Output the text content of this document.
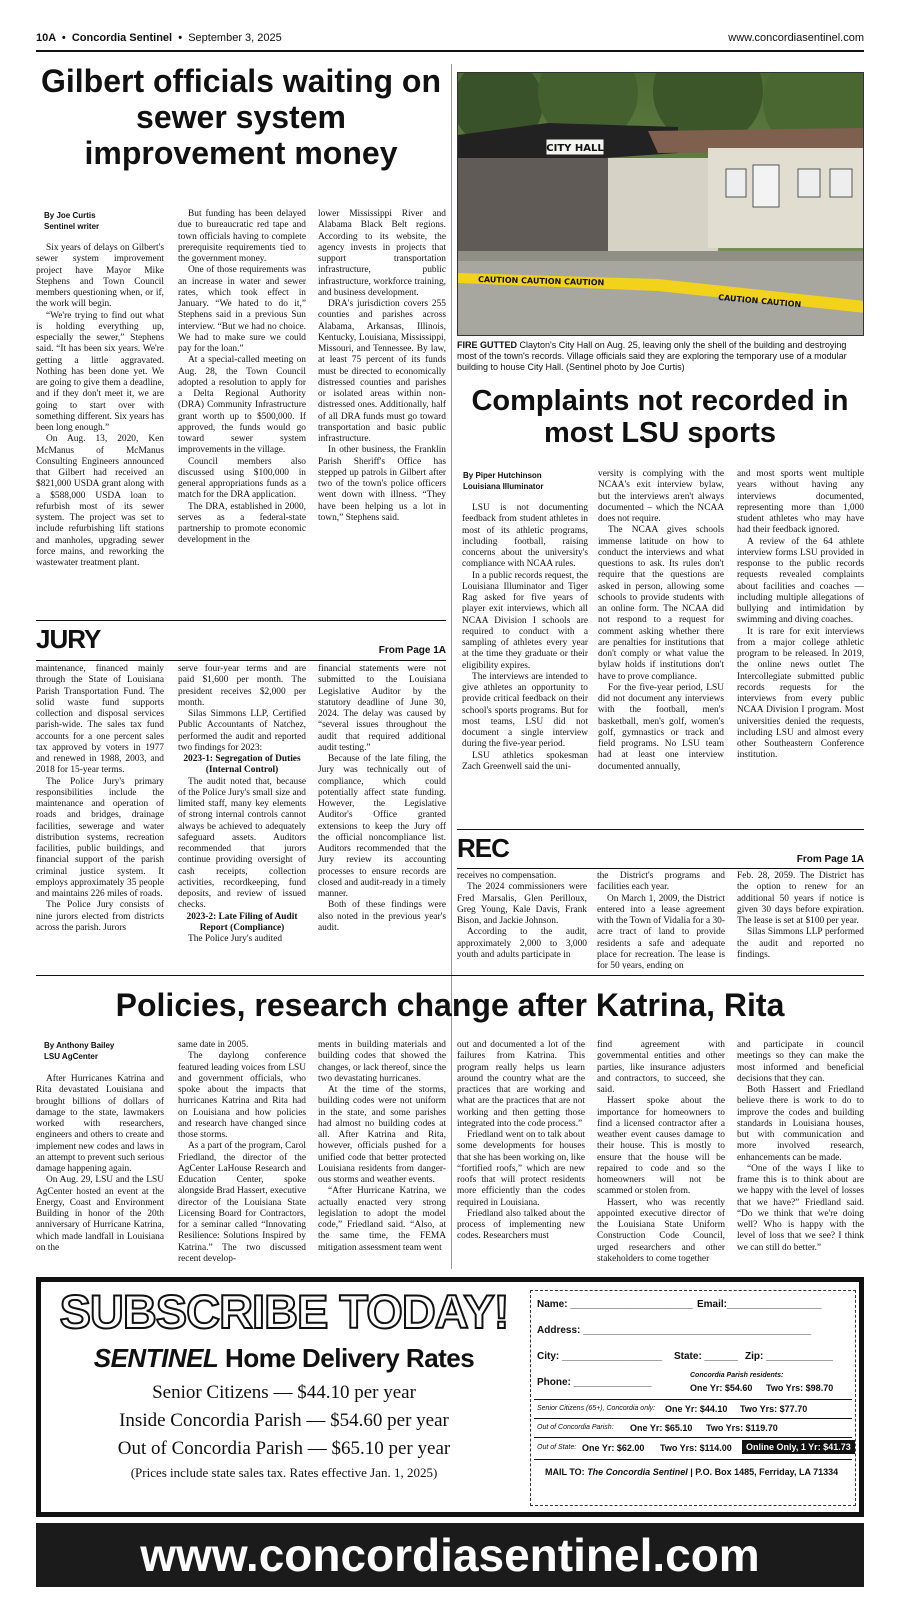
10A  •  Concordia Sentinel  •  September 3, 2025	www.concordiasentinel.com
Gilbert officials waiting on sewer system improvement money
By Joe Curtis
Sentinel writer

Six years of delays on Gilbert's sewer system improvement project have Mayor Mike Stephens and Town Council members questioning when, or if, the work will begin.

“We're trying to find out what is holding everything up, especially the sewer,” Stephens said. “It has been six years. We're getting a little aggravated. Nothing has been done yet. We are going to give them a deadline, and if they don't meet it, we are going to start over with something different. Six years has been long enough.”

On Aug. 13, 2020, Ken McManus of McManus Consulting Engineers announced that Gilbert had received an $821,000 USDA grant along with a $588,000 USDA loan to refurbish most of its sewer system. The project was set to include refurbishing lift stations and manholes, upgrading sewer force mains, and reworking the wastewater treatment plant.

But funding has been delayed due to bureaucratic red tape and town officials having to complete prerequisite requirements tied to the government money.

One of those requirements was an increase in water and sewer rates, which took effect in January. “We hated to do it,” Stephens said in a previous Sun interview. “But we had no choice. We had to make sure we could pay for the loan.”

At a special-called meeting on Aug. 28, the Town Council adopted a resolution to apply for a Delta Regional Authority (DRA) Community Infrastructure grant worth up to $500,000. If approved, the funds would go toward sewer system improvements in the village.

Council members also discussed using $100,000 in general appropriations funds as a match for the DRA application.

The DRA, established in 2000, serves as a federal-state partnership to promote economic development in the

lower Mississippi River and Alabama Black Belt regions. According to its website, the agency invests in projects that support transportation infrastructure, public infrastructure, workforce training, and business development.

DRA's jurisdiction covers 255 counties and parishes across Alabama, Arkansas, Illinois, Kentucky, Louisiana, Mississippi, Missouri, and Tennessee. By law, at least 75 percent of its funds must be directed to economically distressed counties and parishes or isolated areas within non-distressed ones. Additionally, half of all DRA funds must go toward transportation and basic public infrastructure.

In other business, the Franklin Parish Sheriff's Office has stepped up patrols in Gilbert after two of the town's police officers went down with illness. “They have been helping us a lot in town,” Stephens said.

CITY HALL
CAUTION CAUTION CAUTION
CAUTION CAUTION
FIRE GUTTED Clayton's City Hall on Aug. 25, leaving only the shell of the building and destroying most of the town's records. Village officials said they are exploring the temporary use of a modular building to house City Hall. (Sentinel photo by Joe Curtis)
Complaints not recorded in most LSU sports
By Piper Hutchinson
Louisiana Illuminator

LSU is not documenting feedback from student athletes in most of its athletic programs, including football, raising concerns about the university's compliance with NCAA rules.

In a public records request, the Louisiana Illuminator and Tiger Rag asked for five years of player exit interviews, which all NCAA Division I schools are required to conduct with a sampling of athletes every year at the time they graduate or their eligibility expires.

The interviews are intended to give athletes an opportunity to provide critical feedback on their school's sports programs. But for most teams, LSU did not document a single interview during the five-year period.

LSU athletics spokesman Zach Greenwell said the uni-

versity is complying with the NCAA's exit interview bylaw, but the interviews aren't always documented – which the NCAA does not require.

The NCAA gives schools immense latitude on how to conduct the interviews and what questions to ask. Its rules don't require that the questions are asked in person, allowing some schools to provide students with an online form. The NCAA did not respond to a request for comment asking whether there are penalties for institutions that don't comply or what value the bylaw holds if institutions don't have to prove compliance.

For the five-year period, LSU did not document any interviews with the football, men's basketball, men's golf, women's golf, gymnastics or track and field programs. No LSU team had at least one interview documented annually,

and most sports went multiple years without having any interviews documented, representing more than 1,000 student athletes who may have had their feedback ignored.

A review of the 64 athlete interview forms LSU provided in response to the public records requests revealed complaints about facilities and coaches — including multiple allegations of bullying and intimidation by swimming and diving coaches.

It is rare for exit interviews from a major college athletic program to be released. In 2019, the online news outlet The Intercollegiate submitted public records requests for the interviews from every public NCAA Division I program. Most universities denied the requests, including LSU and almost every other Southeastern Conference institution.

JURY	From Page 1A

maintenance, financed mainly through the State of Louisiana Parish Transportation Fund. The solid waste fund supports collection and disposal services parish-wide. The sales tax fund accounts for a one percent sales tax approved by voters in 1977 and renewed in 1988, 2003, and 2018 for 15-year terms.

The Police Jury's primary responsibilities include the maintenance and operation of roads and bridges, drainage facilities, sewerage and water distribution systems, recreation facilities, public buildings, and financial support of the parish criminal justice system. It employs approximately 35 people and maintains 226 miles of roads.

The Police Jury consists of nine jurors elected from districts across the parish. Jurors

serve four-year terms and are paid $1,600 per month. The president receives $2,000 per month.

Silas Simmons LLP, Certified Public Accountants of Natchez, performed the audit and reported two findings for 2023:

2023-1: Segregation of Duties (Internal Control)

The audit noted that, because of the Police Jury's small size and limited staff, many key elements of strong internal controls cannot always be achieved to adequately safeguard assets. Auditors recommended that jurors continue providing oversight of cash receipts, collection activities, recordkeeping, fund deposits, and review of issued checks.

2023-2: Late Filing of Audit Report (Compliance)

The Police Jury's audited

financial statements were not submitted to the Louisiana Legislative Auditor by the statutory deadline of June 30, 2024. The delay was caused by “several issues throughout the audit that required additional audit testing.”

Because of the late filing, the Jury was technically out of compliance, which could potentially affect state funding. However, the Legislative Auditor's Office granted extensions to keep the Jury off the official noncompliance list. Auditors recommended that the Jury review its accounting processes to ensure records are closed and audit-ready in a timely manner.

Both of these findings were also noted in the previous year's audit.

REC	From Page 1A

receives no compensation.

The 2024 commissioners were Fred Marsalis, Glen Perilloux, Greg Young, Kale Davis, Frank Bison, and Jackie Johnson.

According to the audit, approximately 2,000 to 3,000 youth and adults participate in

the District's programs and facilities each year.

On March 1, 2009, the District entered into a lease agreement with the Town of Vidalia for a 30-acre tract of land to provide residents a safe and adequate place for recreation. The lease is for 50 years, ending on

Feb. 28, 2059. The District has the option to renew for an additional 50 years if notice is given 30 days before expiration. The lease is set at $100 per year.

Silas Simmons LLP performed the audit and reported no findings.

Policies, research change after Katrina, Rita
By Anthony Bailey
LSU AgCenter

After Hurricanes Katrina and Rita devastated Louisiana and brought billions of dollars of damage to the state, lawmakers worked with researchers, engineers and others to create and implement new codes and laws in an attempt to prevent such serious damage happening again.

On Aug. 29, LSU and the LSU AgCenter hosted an event at the Energy, Coast and Environment Building in honor of the 20th anniversary of Hurricane Katrina, which made landfall in Louisiana on the

same date in 2005.

The daylong conference featured leading voices from LSU and government officials, who spoke about the impacts that hurricanes Katrina and Rita had on Louisiana and how policies and research have changed since those storms.

As a part of the program, Carol Friedland, the director of the AgCenter LaHouse Research and Education Center, spoke alongside Brad Hassert, executive director of the Louisiana State Licensing Board for Contractors, for a seminar called “Innovating Resilience: Solutions Inspired by Katrina.” The two discussed recent develop-

ments in building materials and building codes that showed the changes, or lack thereof, since the two devastating hurricanes.

At the time of the storms, building codes were not uniform in the state, and some parishes had almost no building codes at all. After Katrina and Rita, however, officials pushed for a unified code that better protected Louisiana residents from danger-ous storms and weather events.

“After Hurricane Katrina, we actually enacted very strong legislation to adopt the model code,” Friedland said. “Also, at the same time, the FEMA mitigation assessment team went

out and documented a lot of the failures from Katrina. This program really helps us learn around the country what are the practices that are working and what are the practices that are not working and then getting those integrated into the code process.”

Friedland went on to talk about some developments for houses that she has been working on, like “fortified roofs,” which are new roofs that will protect residents more efficiently than the codes required in Louisiana.

Friedland also talked about the process of implementing new codes. Researchers must

find agreement with governmental entities and other parties, like insurance adjusters and contractors, to succeed, she said.

Hassert spoke about the importance for homeowners to find a licensed contractor after a weather event causes damage to their house. This is mostly to ensure that the house will be repaired to code and so the homeowners will not be scammed or stolen from.

Hassert, who was recently appointed executive director of the Louisiana State Uniform Construction Code Council, urged researchers and other stakeholders to come together

and participate in council meetings so they can make the most informed and beneficial decisions that they can.

Both Hassert and Friedland believe there is work to do to improve the codes and building standards in Louisiana houses, but with communication and more involved research, enhancements can be made.

“One of the ways I like to frame this is to think about are we happy with the level of losses that we have?” Friedland said. “Do we think that we're doing well? Who is happy with the level of loss that we see? I think we can still do better.”

SUBSCRIBE TODAY!
SENTINEL Home Delivery Rates
Senior Citizens — $44.10 per year
Inside Concordia Parish — $54.60 per year
Out of Concordia Parish — $65.10 per year
(Prices include state sales tax. Rates effective Jan. 1, 2025)
Name: ______________________ Email:_________________
Address: _________________________________________
City: __________________ State: ______ Zip: ____________
Phone: ______________
Concordia Parish residents:
One Yr: $54.60 Two Yrs: $98.70
Senior Citizens (65+), Concordia only: One Yr: $44.10 Two Yrs: $77.70
Out of Concordia Parish: One Yr: $65.10 Two Yrs: $119.70
Out of State: One Yr: $62.00 Two Yrs: $114.00	Online Only, 1 Yr: $41.73
MAIL TO: The Concordia Sentinel | P.O. Box 1485, Ferriday, LA 71334
www.concordiasentinel.com
